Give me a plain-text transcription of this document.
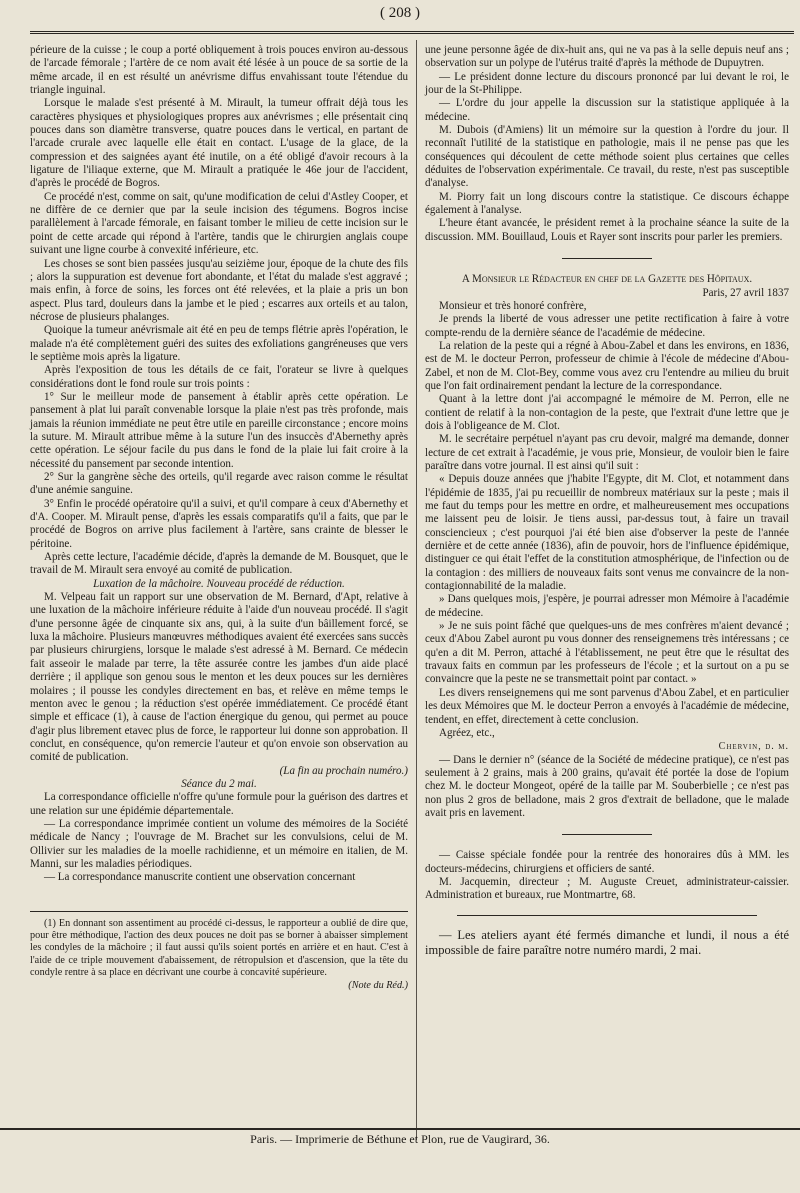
( 208 )

périeure de la cuisse ; le coup a porté obliquement à trois pouces environ au-dessous de l'arcade fémorale ; l'artère de ce nom avait été lésée à un pouce de sa sortie de la même arcade, il en est résulté un anévrisme diffus envahissant toute l'étendue du triangle inguinal.

Lorsque le malade s'est présenté à M. Mirault, la tumeur offrait déjà tous les caractères physiques et physiologiques propres aux anévrismes ; elle présentait cinq pouces dans son diamètre transverse, quatre pouces dans le vertical, en partant de l'arcade crurale avec laquelle elle était en contact. L'usage de la glace, de la compression et des saignées ayant été inutile, on a été obligé d'avoir recours à la ligature de l'iliaque externe, que M. Mirault a pratiquée le 46e jour de l'accident, d'après le procédé de Bogros.

Ce procédé n'est, comme on sait, qu'une modification de celui d'Astley Cooper, et ne diffère de ce dernier que par la seule incision des tégumens. Bogros incise parallèlement à l'arcade fémorale, en faisant tomber le milieu de cette incision sur le point de cette arcade qui répond à l'artère, tandis que le chirurgien anglais coupe suivant une ligne courbe à convexité inférieure, etc.

Les choses se sont bien passées jusqu'au seizième jour, époque de la chute des fils ; alors la suppuration est devenue fort abondante, et l'état du malade s'est aggravé ; mais enfin, à force de soins, les forces ont été relevées, et la plaie a pris un bon aspect. Plus tard, douleurs dans la jambe et le pied ; escarres aux orteils et au talon, nécrose de plusieurs phalanges.

Quoique la tumeur anévrismale ait été en peu de temps flétrie après l'opération, le malade n'a été complètement guéri des suites des exfoliations gangréneuses que vers le septième mois après la ligature.

Après l'exposition de tous les détails de ce fait, l'orateur se livre à quelques considérations dont le fond roule sur trois points :

1° Sur le meilleur mode de pansement à établir après cette opération. Le pansement à plat lui paraît convenable lorsque la plaie n'est pas très profonde, mais jamais la réunion immédiate ne peut être utile en pareille circonstance ; encore moins la suture. M. Mirault attribue même à la suture l'un des insuccès d'Abernethy après cette opération. Le séjour facile du pus dans le fond de la plaie lui fait croire à la nécessité du pansement par seconde intention.

2° Sur la gangrène sèche des orteils, qu'il regarde avec raison comme le résultat d'une anémie sanguine.

3° Enfin le procédé opératoire qu'il a suivi, et qu'il compare à ceux d'Abernethy et d'A. Cooper. M. Mirault pense, d'après les essais comparatifs qu'il a faits, que par le procédé de Bogros on arrive plus facilement à l'artère, sans crainte de blesser le péritoine.

Après cette lecture, l'académie décide, d'après la demande de M. Bousquet, que le travail de M. Mirault sera envoyé au comité de publication.

Luxation de la mâchoire. Nouveau procédé de réduction.

M. Velpeau fait un rapport sur une observation de M. Bernard, d'Apt, relative à une luxation de la mâchoire inférieure réduite à l'aide d'un nouveau procédé. Il s'agit d'une personne âgée de cinquante six ans, qui, à la suite d'un bâillement forcé, se luxa la mâchoire. Plusieurs manœuvres méthodiques avaient été exercées sans succès par plusieurs chirurgiens, lorsque le malade s'est adressé à M. Bernard. Ce médecin fait asseoir le malade par terre, la tête assurée contre les jambes d'un aide placé derrière ; il applique son genou sous le menton et les deux pouces sur les dernières molaires ; il pousse les condyles directement en bas, et relève en même temps le menton avec le genou ; la réduction s'est opérée immédiatement. Ce procédé étant simple et efficace (1), à cause de l'action énergique du genou, qui permet au pouce d'agir plus librement etavec plus de force, le rapporteur lui donne son approbation. Il conclut, en conséquence, qu'on remercie l'auteur et qu'on envoie son observation au comité de publication.

(La fin au prochain numéro.)

Séance du 2 mai.

La correspondance officielle n'offre qu'une formule pour la guérison des dartres et une relation sur une épidémie départementale.

— La correspondance imprimée contient un volume des mémoires de la Société médicale de Nancy ; l'ouvrage de M. Brachet sur les convulsions, celui de M. Ollivier sur les maladies de la moelle rachidienne, et un mémoire en italien, de M. Manni, sur les maladies périodiques.

— La correspondance manuscrite contient une observation concernant

(1) En donnant son assentiment au procédé ci-dessus, le rapporteur a oublié de dire que, pour être méthodique, l'action des deux pouces ne doit pas se borner à abaisser simplement les condyles de la mâchoire ; il faut aussi qu'ils soient portés en arrière et en haut. C'est à l'aide de ce triple mouvement d'abaissement, de rétropulsion et d'ascension, que la tête du condyle rentre à sa place en décrivant une courbe à concavité supérieure.

(Note du Réd.)

une jeune personne âgée de dix-huit ans, qui ne va pas à la selle depuis neuf ans ; observation sur un polype de l'utérus traité d'après la méthode de Dupuytren.

— Le président donne lecture du discours prononcé par lui devant le roi, le jour de la St-Philippe.

— L'ordre du jour appelle la discussion sur la statistique appliquée à la médecine.

M. Dubois (d'Amiens) lit un mémoire sur la question à l'ordre du jour. Il reconnaît l'utilité de la statistique en pathologie, mais il ne pense pas que les conséquences qui découlent de cette méthode soient plus certaines que celles déduites de l'observation expérimentale. Ce travail, du reste, n'est pas susceptible d'analyse.

M. Piorry fait un long discours contre la statistique. Ce discours échappe également à l'analyse.

L'heure étant avancée, le président remet à la prochaine séance la suite de la discussion. MM. Bouillaud, Louis et Rayer sont inscrits pour parler les premiers.

A Monsieur le Rédacteur en chef de la Gazette des Hôpitaux.

Paris, 27 avril 1837

Monsieur et très honoré confrère,

Je prends la liberté de vous adresser une petite rectification à faire à votre compte-rendu de la dernière séance de l'académie de médecine.

La relation de la peste qui a régné à Abou-Zabel et dans les environs, en 1836, est de M. le docteur Perron, professeur de chimie à l'école de médecine d'Abou-Zabel, et non de M. Clot-Bey, comme vous avez cru l'entendre au milieu du bruit que l'on fait ordinairement pendant la lecture de la correspondance.

Quant à la lettre dont j'ai accompagné le mémoire de M. Perron, elle ne contient de relatif à la non-contagion de la peste, que l'extrait d'une lettre que je dois à l'obligeance de M. Clot.

M. le secrétaire perpétuel n'ayant pas cru devoir, malgré ma demande, donner lecture de cet extrait à l'académie, je vous prie, Monsieur, de vouloir bien le faire paraître dans votre journal. Il est ainsi qu'il suit :

« Depuis douze années que j'habite l'Egypte, dit M. Clot, et notamment dans l'épidémie de 1835, j'ai pu recueillir de nombreux matériaux sur la peste ; mais il me faut du temps pour les mettre en ordre, et malheureusement mes occupations me laissent peu de loisir. Je tiens aussi, par-dessus tout, à faire un travail consciencieux ; c'est pourquoi j'ai été bien aise d'observer la peste de l'année dernière et de cette année (1836), afin de pouvoir, hors de l'influence épidémique, distinguer ce qui était l'effet de la constitution atmosphérique, de l'infection ou de la contagion : des milliers de nouveaux faits sont venus me convaincre de la non-contagionnabilité de la maladie.

» Dans quelques mois, j'espère, je pourrai adresser mon Mémoire à l'académie de médecine.

» Je ne suis point fâché que quelques-uns de mes confrères m'aient devancé ; ceux d'Abou Zabel auront pu vous donner des renseignemens très intéressans ; ce qu'en a dit M. Perron, attaché à l'établissement, ne peut être que le résultat des travaux faits en commun par les professeurs de l'école ; et la surtout on a pu se convaincre que la peste ne se transmettait point par contact. »

Les divers renseignemens qui me sont parvenus d'Abou Zabel, et en particulier les deux Mémoires que M. le docteur Perron a envoyés à l'académie de médecine, tendent, en effet, directement à cette conclusion.

Agréez, etc.,

Chervin, d. m.

— Dans le dernier n° (séance de la Société de médecine pratique), ce n'est pas seulement à 2 grains, mais à 200 grains, qu'avait été portée la dose de l'opium chez M. le docteur Mongeot, opéré de la taille par M. Souberbielle ; ce n'est pas non plus 2 gros de belladone, mais 2 gros d'extrait de belladone, que le malade avait pris en lavement.

— Caisse spéciale fondée pour la rentrée des honoraires dûs à MM. les docteurs-médecins, chirurgiens et officiers de santé.

M. Jacquemin, directeur ; M. Auguste Creuet, administrateur-caissier. Administration et bureaux, rue Montmartre, 68.

— Les ateliers ayant été fermés dimanche et lundi, il nous a été impossible de faire paraître notre numéro mardi, 2 mai.

Paris. — Imprimerie de Béthune et Plon, rue de Vaugirard, 36.
